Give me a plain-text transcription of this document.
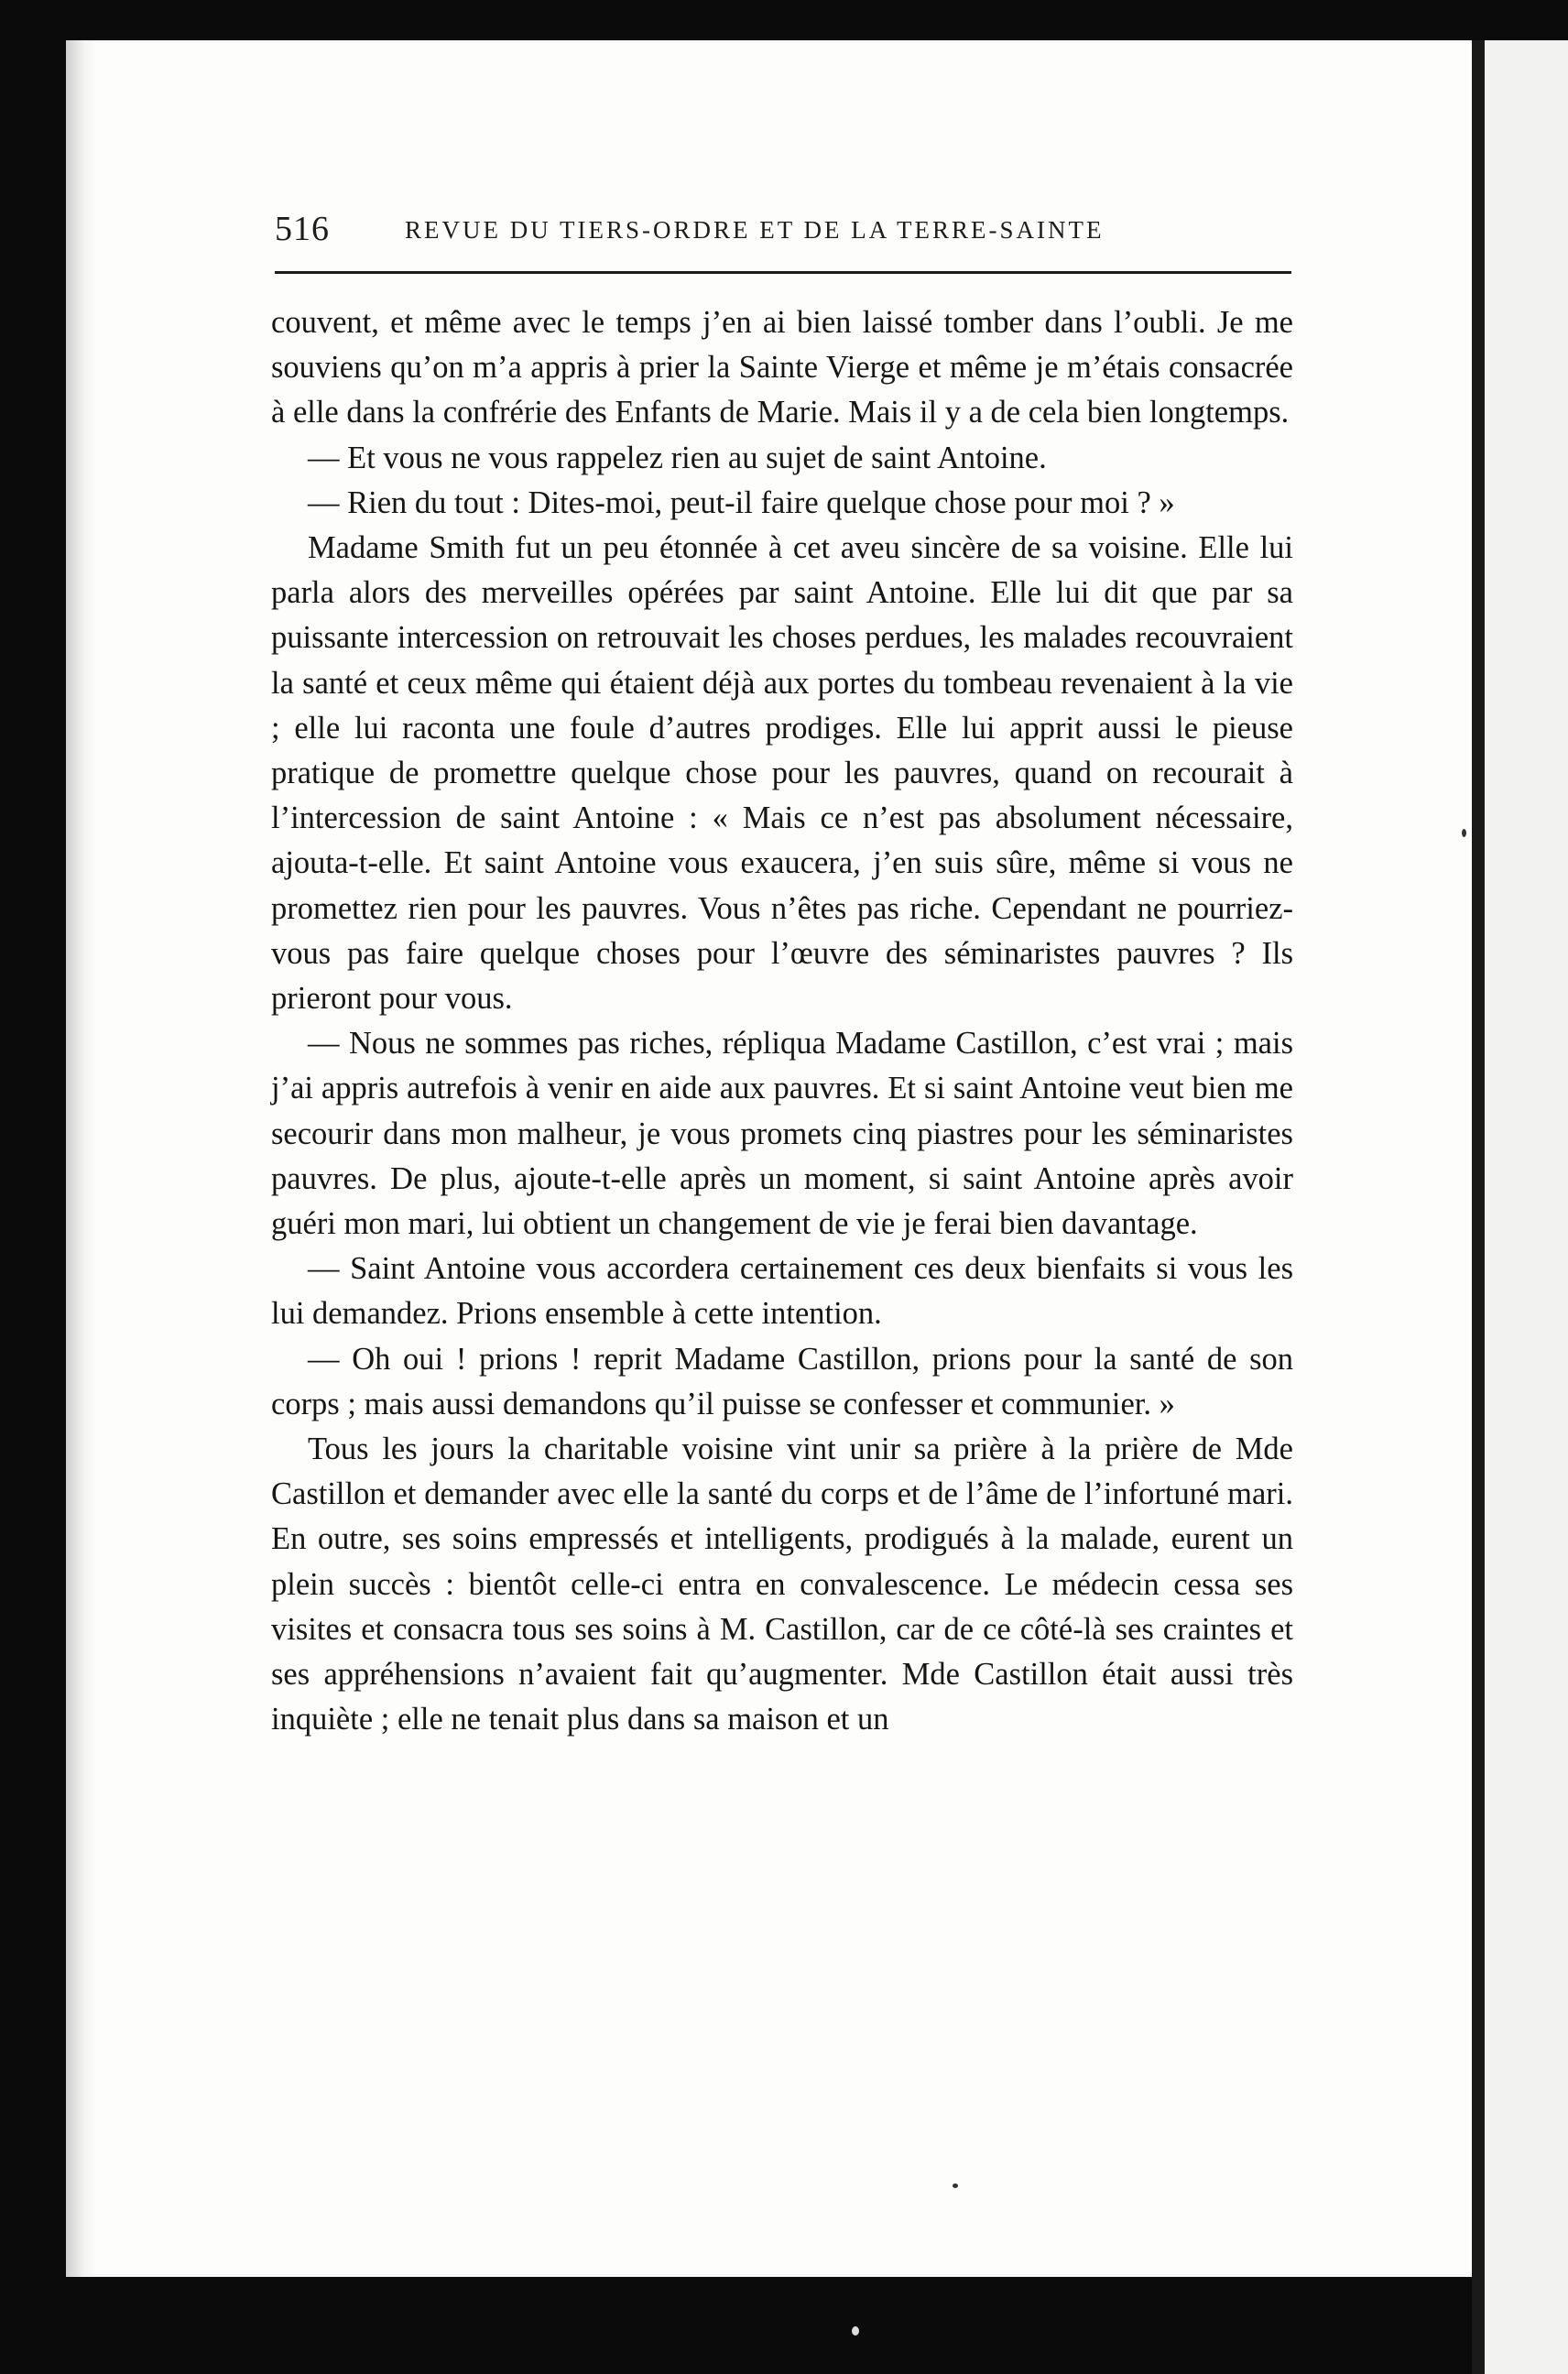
516	REVUE DU TIERS-ORDRE ET DE LA TERRE-SAINTE

couvent, et même avec le temps j’en ai bien laissé tomber dans l’oubli. Je me souviens qu’on m’a appris à prier la Sainte Vierge et même je m’étais consacrée à elle dans la confrérie des Enfants de Marie. Mais il y a de cela bien longtemps.

— Et vous ne vous rappelez rien au sujet de saint Antoine.

— Rien du tout : Dites-moi, peut-il faire quelque chose pour moi ? »

Madame Smith fut un peu étonnée à cet aveu sincère de sa voisine. Elle lui parla alors des merveilles opérées par saint Antoine. Elle lui dit que par sa puissante intercession on retrouvait les choses perdues, les malades recouvraient la santé et ceux même qui étaient déjà aux portes du tombeau revenaient à la vie ; elle lui raconta une foule d’autres prodiges. Elle lui apprit aussi le pieuse pratique de promettre quelque chose pour les pauvres, quand on recourait à l’intercession de saint Antoine : « Mais ce n’est pas absolument nécessaire, ajouta-t-elle. Et saint Antoine vous exaucera, j’en suis sûre, même si vous ne promettez rien pour les pauvres. Vous n’êtes pas riche. Cependant ne pourriez-vous pas faire quelque choses pour l’œuvre des séminaristes pauvres ? Ils prieront pour vous.

— Nous ne sommes pas riches, répliqua Madame Castillon, c’est vrai ; mais j’ai appris autrefois à venir en aide aux pauvres. Et si saint Antoine veut bien me secourir dans mon malheur, je vous promets cinq piastres pour les séminaristes pauvres. De plus, ajoute-t-elle après un moment, si saint Antoine après avoir guéri mon mari, lui obtient un changement de vie je ferai bien davantage.

— Saint Antoine vous accordera certainement ces deux bienfaits si vous les lui demandez. Prions ensemble à cette intention.

— Oh oui ! prions ! reprit Madame Castillon, prions pour la santé de son corps ; mais aussi demandons qu’il puisse se confesser et communier. »

Tous les jours la charitable voisine vint unir sa prière à la prière de Mde Castillon et demander avec elle la santé du corps et de l’âme de l’infortuné mari. En outre, ses soins empressés et intelligents, prodigués à la malade, eurent un plein succès : bientôt celle-ci entra en convalescence. Le médecin cessa ses visites et consacra tous ses soins à M. Castillon, car de ce côté-là ses craintes et ses appréhensions n’avaient fait qu’augmenter. Mde Castillon était aussi très inquiète ; elle ne tenait plus dans sa maison et un
